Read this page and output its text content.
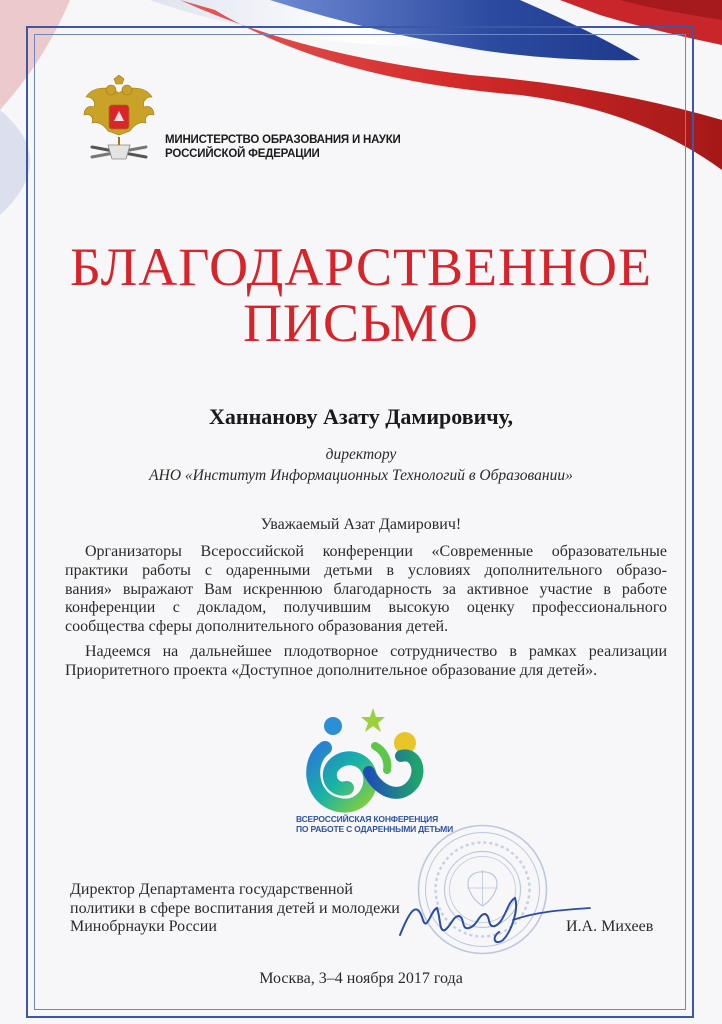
МИНИСТЕРСТВО ОБРАЗОВАНИЯ И НАУКИ
РОССИЙСКОЙ ФЕДЕРАЦИИ
БЛАГОДАРСТВЕННОЕ
ПИСЬМО
Ханнанову Азату Дамировичу,
директору
АНО «Институт Информационных Технологий в Образовании»
Уважаемый Азат Дамирович!
Организаторы Всероссийской конференции «Современные образовательные
практики работы с одаренными детьми в условиях дополнительного образо-
вания» выражают Вам искреннюю благодарность за активное участие в работе
конференции с докладом, получившим высокую оценку профессионального
сообщества сферы дополнительного образования детей.
Надеемся на дальнейшее плодотворное сотрудничество в рамках реализации
Приоритетного проекта «Доступное дополнительное образование для детей».
ВСЕРОССИЙСКАЯ КОНФЕРЕНЦИЯ
ПО РАБОТЕ С ОДАРЕННЫМИ ДЕТЬМИ
Директор Департамента государственной
политики в сфере воспитания детей и молодежи
Минобрнауки России	И.А. Михеев
Москва, 3–4 ноября 2017 года
